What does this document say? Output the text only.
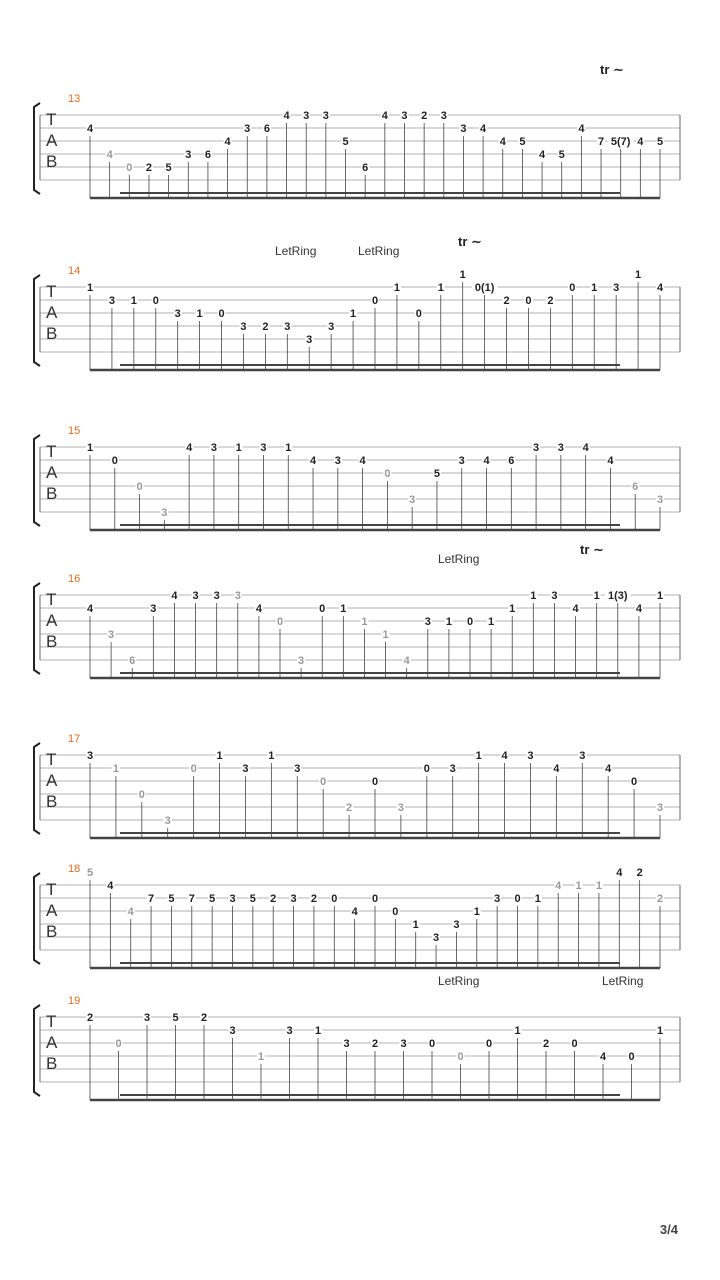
13
tr ∼
T
A
B
4
4
0 2 5
3 6
4
3 6
4 3 3
5
6
4 3 2 3
3 4
4 5
4 5
4
7 5(7) 4 5
14
LetRing	LetRing
tr ∼
T
A
B
1
3 1 0
3 1 0
3 2 3
3
3
1
0
1
0
1
1
0(1)
2 0 2
0 1 3
1
4
15
T
A
B
1
0
0
3
4 3 1 3 1
4 3 4
0
3
5
3 4 6
3 3 4
4
6
3
16
LetRing
tr ∼
T
A
B
4
3
6
3
4 3 3 3
4
0
3
0 1
1
1
4
3 1 0 1
1
1 3
4
1 1(3)
4
1
17
T
A
B
3
1
0
3
0
1
3
1
3
0
2
0
3
0 3
1 4 3
4
3
4
0
3
18
T
A
B
5
4
4
7 5 7 5 3 5 2 3 2 0
4
0
0
1
3
3
1
3 0 1
4 1 1
4 2
2
19
LetRing	LetRing
T
A
B
2
0
3 5 2
3
1
3 1
3 2 3 0
0
0
1
2 0
4 0
1
3/4
